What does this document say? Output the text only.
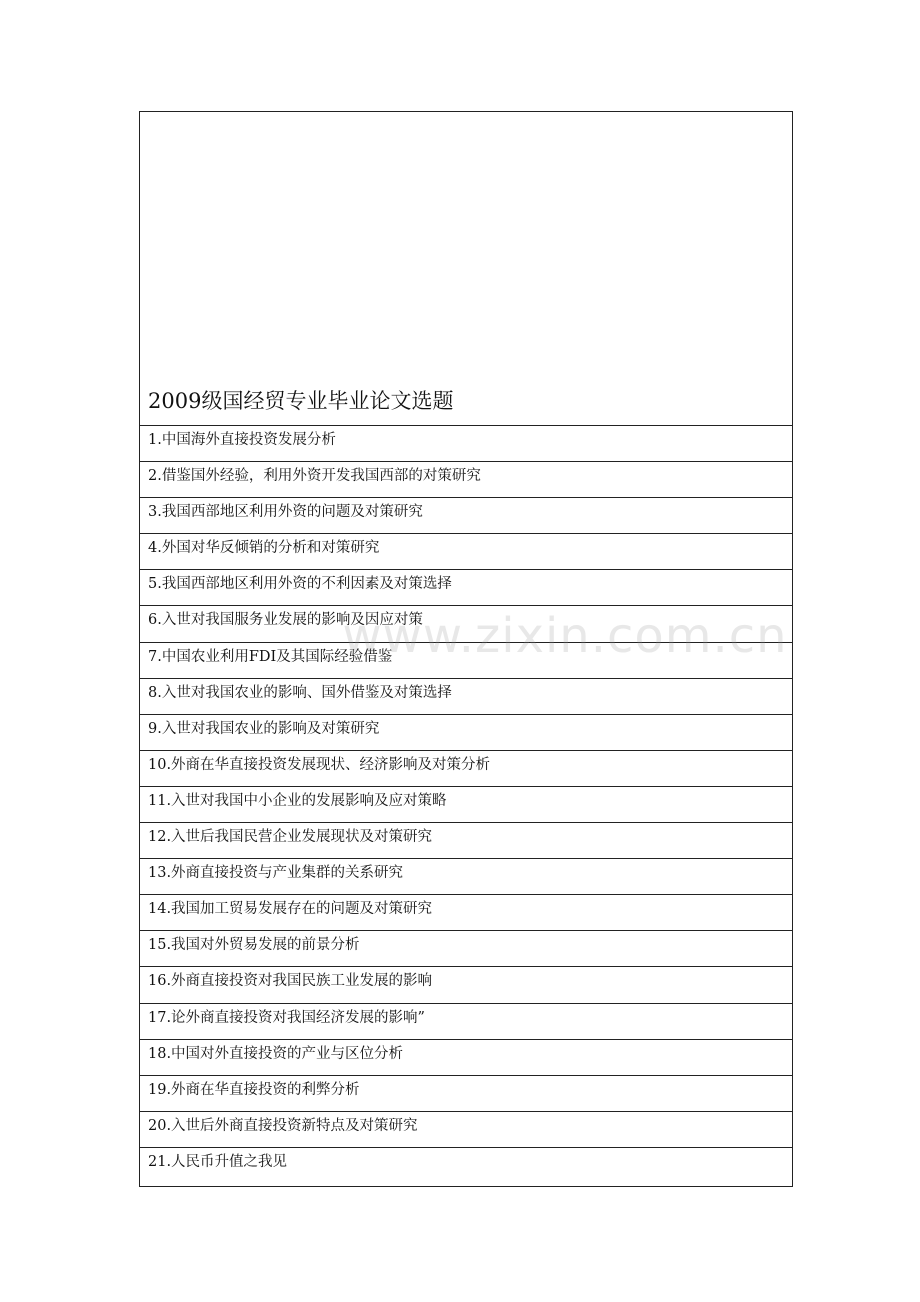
2009级国经贸专业毕业论文选题
1.中国海外直接投资发展分析
2.借鉴国外经验，利用外资开发我国西部的对策研究
3.我国西部地区利用外资的问题及对策研究
4.外国对华反倾销的分析和对策研究
5.我国西部地区利用外资的不利因素及对策选择
6.入世对我国服务业发展的影响及因应对策
7.中国农业利用FDI及其国际经验借鉴
8.入世对我国农业的影响、国外借鉴及对策选择
9.入世对我国农业的影响及对策研究
10.外商在华直接投资发展现状、经济影响及对策分析
11.入世对我国中小企业的发展影响及应对策略
12.入世后我国民营企业发展现状及对策研究
13.外商直接投资与产业集群的关系研究
14.我国加工贸易发展存在的问题及对策研究
15.我国对外贸易发展的前景分析
16.外商直接投资对我国民族工业发展的影响
17.论外商直接投资对我国经济发展的影响”
18.中国对外直接投资的产业与区位分析
19.外商在华直接投资的利弊分析
20.入世后外商直接投资新特点及对策研究
21.人民币升值之我见
www.zixin.com.cn
